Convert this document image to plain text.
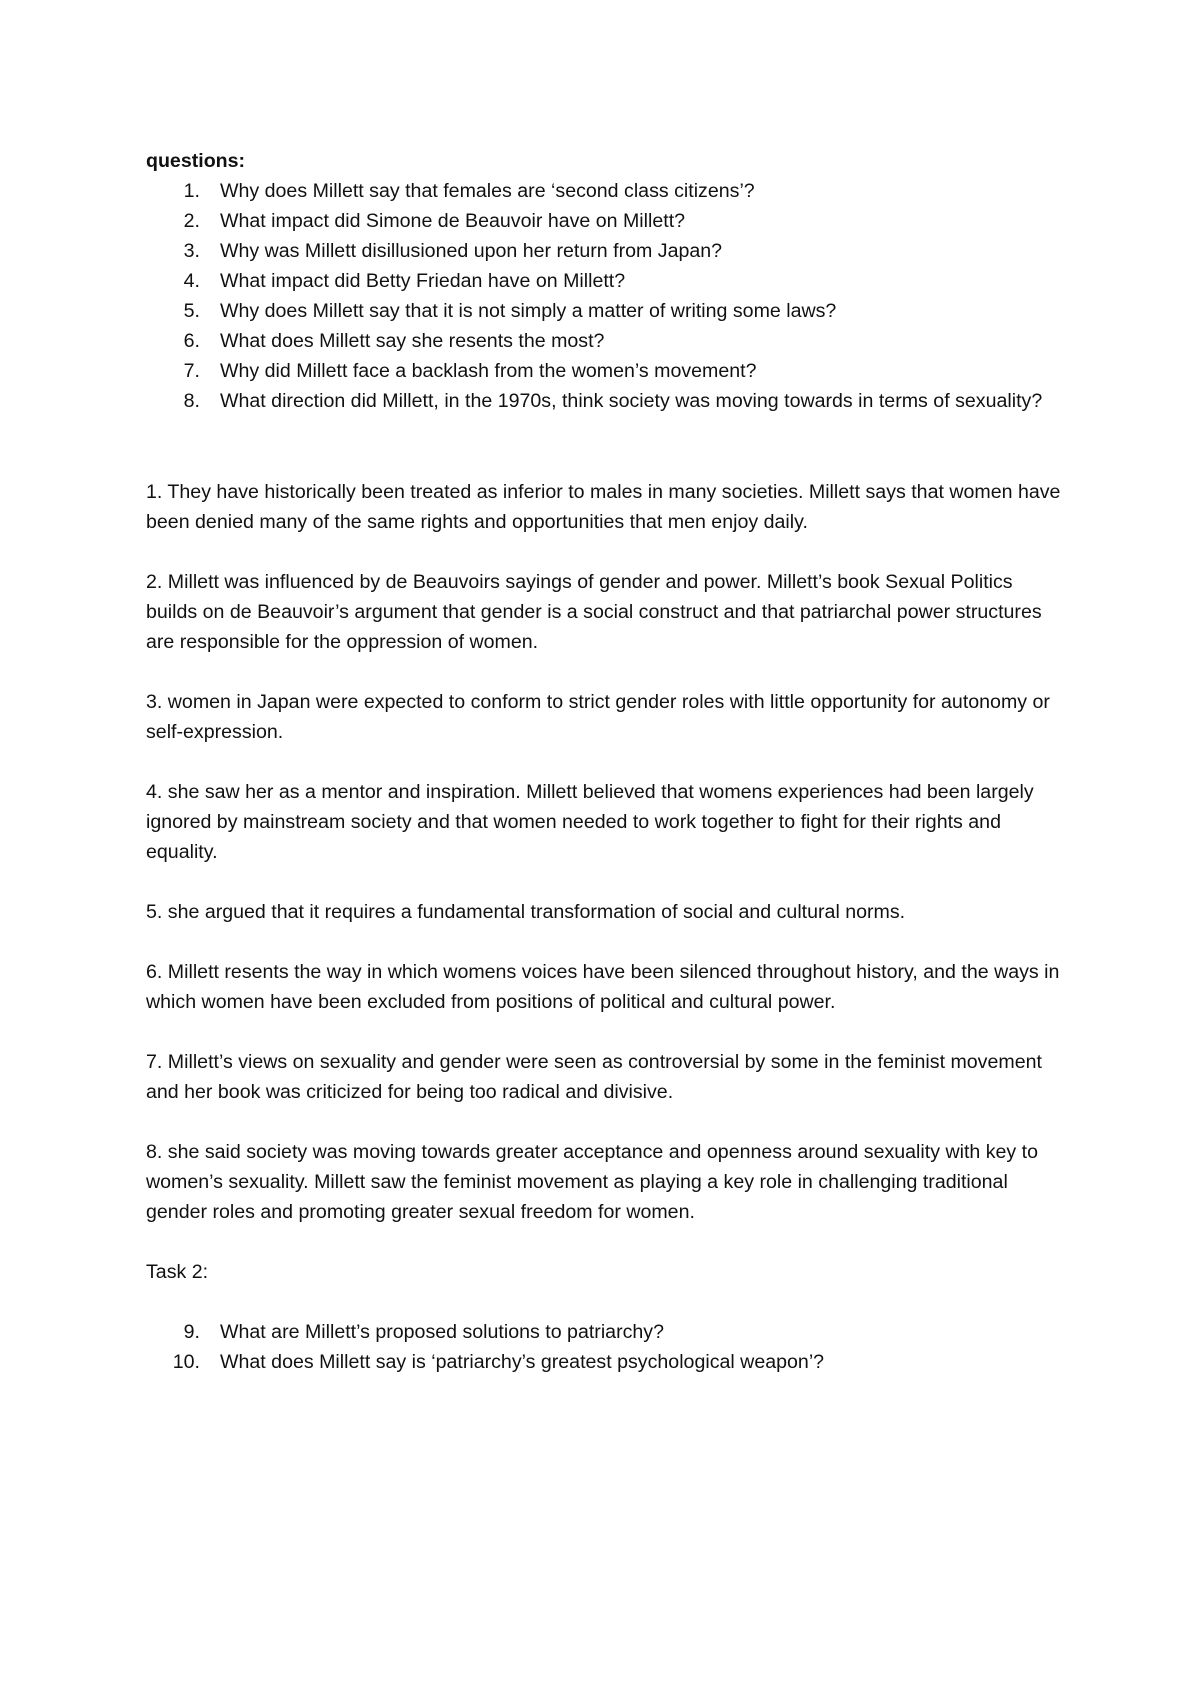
questions:

1. Why does Millett say that females are ‘second class citizens’?
2. What impact did Simone de Beauvoir have on Millett?
3. Why was Millett disillusioned upon her return from Japan?
4. What impact did Betty Friedan have on Millett?
5. Why does Millett say that it is not simply a matter of writing some laws?
6. What does Millett say she resents the most?
7. Why did Millett face a backlash from the women’s movement?
8. What direction did Millett, in the 1970s, think society was moving towards in terms of sexuality?

1. They have historically been treated as inferior to males in many societies. Millett says that women have been denied many of the same rights and opportunities that men enjoy daily.

2. Millett was influenced by de Beauvoirs sayings of gender and power. Millett’s book Sexual Politics builds on de Beauvoir’s argument that gender is a social construct and that patriarchal power structures are responsible for the oppression of women.

3. women in Japan were expected to conform to strict gender roles with little opportunity for autonomy or self-expression.

4. she saw her as a mentor and inspiration. Millett believed that womens experiences had been largely ignored by mainstream society and that women needed to work together to fight for their rights and equality.

5. she argued that it requires a fundamental transformation of social and cultural norms.

6. Millett resents the way in which womens voices have been silenced throughout history, and the ways in which women have been excluded from positions of political and cultural power.

7. Millett’s views on sexuality and gender were seen as controversial by some in the feminist movement and her book was criticized for being too radical and divisive.

8. she said society was moving towards greater acceptance and openness around sexuality with key to women’s sexuality. Millett saw the feminist movement as playing a key role in challenging traditional gender roles and promoting greater sexual freedom for women.

Task 2:

9. What are Millett’s proposed solutions to patriarchy?
10. What does Millett say is ‘patriarchy’s greatest psychological weapon’?
